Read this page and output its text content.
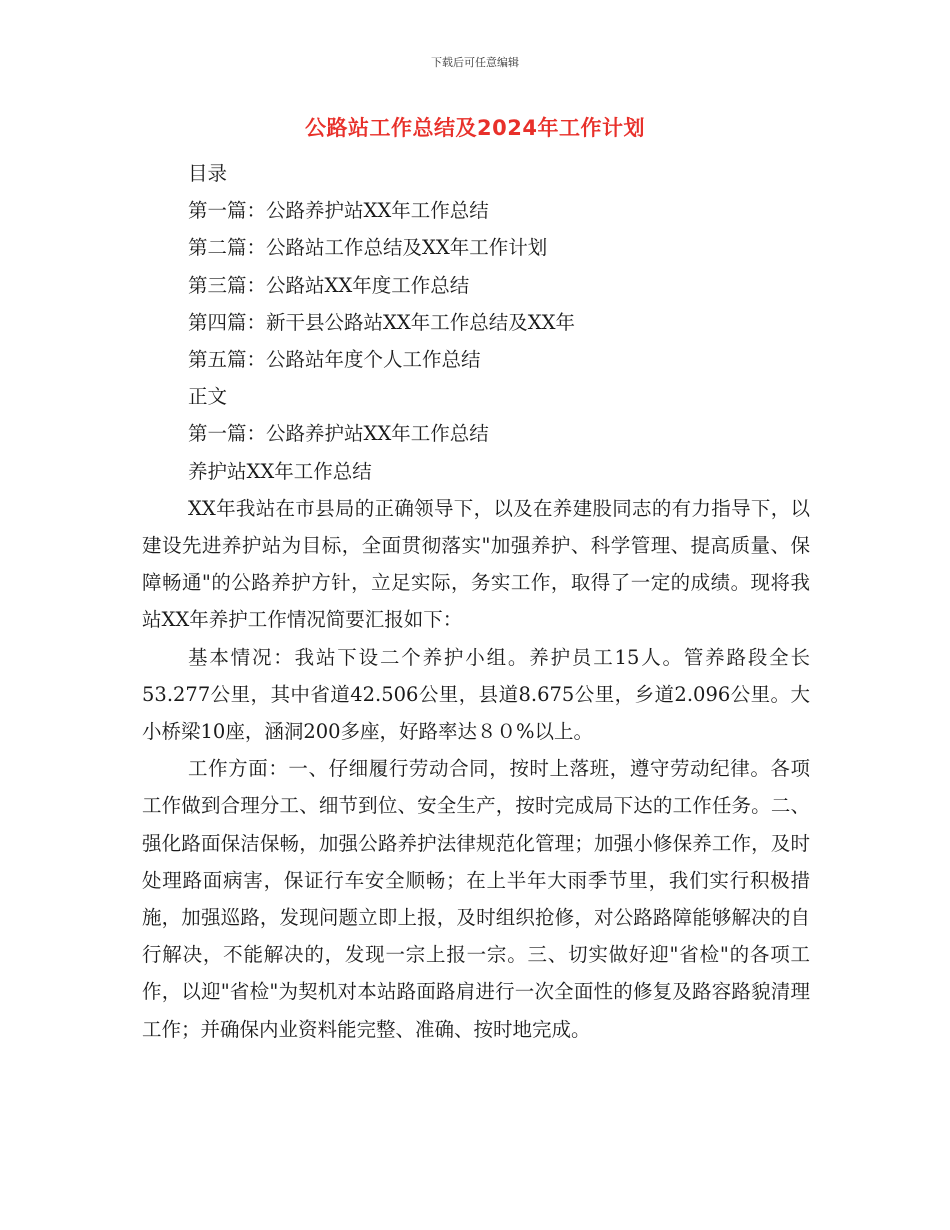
下载后可任意编辑
公路站工作总结及2024年工作计划
目录
第一篇：公路养护站XX年工作总结
第二篇：公路站工作总结及XX年工作计划
第三篇：公路站XX年度工作总结
第四篇：新干县公路站XX年工作总结及XX年
第五篇：公路站年度个人工作总结
正文
第一篇：公路养护站XX年工作总结
养护站XX年工作总结
XX年我站在市县局的正确领导下，以及在养建股同志的有力指导下，以建设先进养护站为目标，全面贯彻落实"加强养护、科学管理、提高质量、保障畅通"的公路养护方针，立足实际，务实工作，取得了一定的成绩。现将我站XX年养护工作情况简要汇报如下：
基本情况：我站下设二个养护小组。养护员工15人。管养路段全长53.277公里，其中省道42.506公里，县道8.675公里，乡道2.096公里。大小桥梁10座，涵洞200多座，好路率达８０%以上。
工作方面：一、仔细履行劳动合同，按时上落班，遵守劳动纪律。各项工作做到合理分工、细节到位、安全生产，按时完成局下达的工作任务。二、强化路面保洁保畅，加强公路养护法律规范化管理；加强小修保养工作，及时处理路面病害，保证行车安全顺畅；在上半年大雨季节里，我们实行积极措施，加强巡路，发现问题立即上报，及时组织抢修，对公路路障能够解决的自行解决，不能解决的，发现一宗上报一宗。三、切实做好迎"省检"的各项工作，以迎"省检"为契机对本站路面路肩进行一次全面性的修复及路容路貌清理工作；并确保内业资料能完整、准确、按时地完成。
